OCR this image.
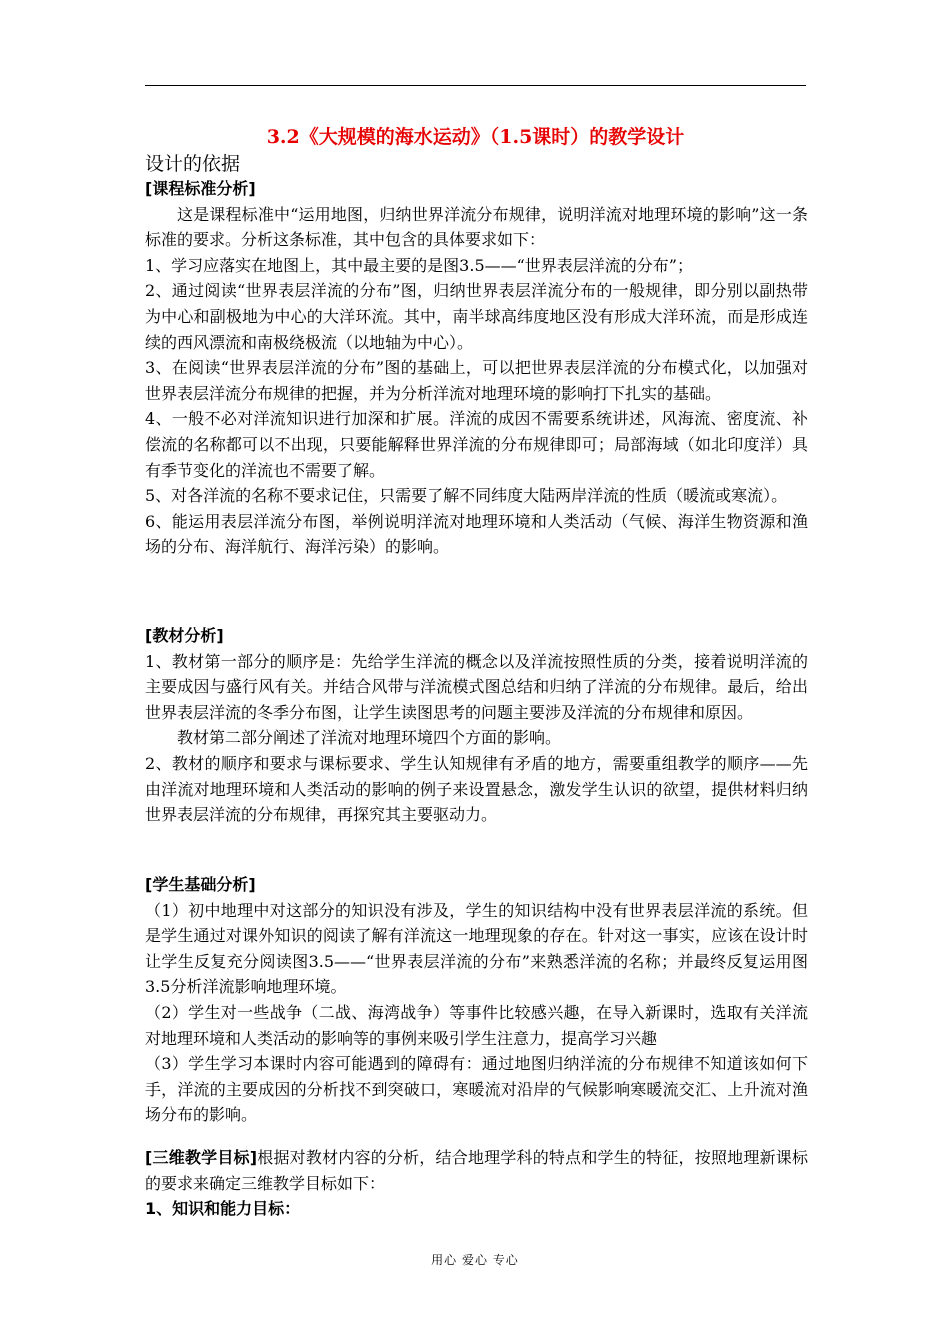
3.2《大规模的海水运动》（1.5课时）的教学设计
设计的依据

[课程标准分析]

这是课程标准中“运用地图，归纳世界洋流分布规律，说明洋流对地理环境的影响”这一条标准的要求。分析这条标准，其中包含的具体要求如下：

1、学习应落实在地图上，其中最主要的是图3.5——“世界表层洋流的分布”；

2、通过阅读“世界表层洋流的分布”图，归纳世界表层洋流分布的一般规律，即分别以副热带为中心和副极地为中心的大洋环流。其中，南半球高纬度地区没有形成大洋环流，而是形成连续的西风漂流和南极绕极流（以地轴为中心）。

3、在阅读“世界表层洋流的分布”图的基础上，可以把世界表层洋流的分布模式化，以加强对世界表层洋流分布规律的把握，并为分析洋流对地理环境的影响打下扎实的基础。

4、一般不必对洋流知识进行加深和扩展。洋流的成因不需要系统讲述，风海流、密度流、补偿流的名称都可以不出现，只要能解释世界洋流的分布规律即可；局部海域（如北印度洋）具有季节变化的洋流也不需要了解。

5、对各洋流的名称不要求记住，只需要了解不同纬度大陆两岸洋流的性质（暖流或寒流）。

6、能运用表层洋流分布图，举例说明洋流对地理环境和人类活动（气候、海洋生物资源和渔场的分布、海洋航行、海洋污染）的影响。

[教材分析]

1、教材第一部分的顺序是：先给学生洋流的概念以及洋流按照性质的分类，接着说明洋流的主要成因与盛行风有关。并结合风带与洋流模式图总结和归纳了洋流的分布规律。最后，给出世界表层洋流的冬季分布图，让学生读图思考的问题主要涉及洋流的分布规律和原因。

教材第二部分阐述了洋流对地理环境四个方面的影响。

2、教材的顺序和要求与课标要求、学生认知规律有矛盾的地方，需要重组教学的顺序——先由洋流对地理环境和人类活动的影响的例子来设置悬念，激发学生认识的欲望，提供材料归纳世界表层洋流的分布规律，再探究其主要驱动力。

[学生基础分析]

（1）初中地理中对这部分的知识没有涉及，学生的知识结构中没有世界表层洋流的系统。但是学生通过对课外知识的阅读了解有洋流这一地理现象的存在。针对这一事实，应该在设计时让学生反复充分阅读图3.5——“世界表层洋流的分布”来熟悉洋流的名称；并最终反复运用图3.5分析洋流影响地理环境。

（2）学生对一些战争（二战、海湾战争）等事件比较感兴趣，在导入新课时，选取有关洋流对地理环境和人类活动的影响等的事例来吸引学生注意力，提高学习兴趣

（3）学生学习本课时内容可能遇到的障碍有：通过地图归纳洋流的分布规律不知道该如何下手，洋流的主要成因的分析找不到突破口，寒暖流对沿岸的气候影响寒暖流交汇、上升流对渔场分布的影响。

[三维教学目标]根据对教材内容的分析，结合地理学科的特点和学生的特征，按照地理新课标的要求来确定三维教学目标如下：

1、知识和能力目标：

用心 爱心 专心
